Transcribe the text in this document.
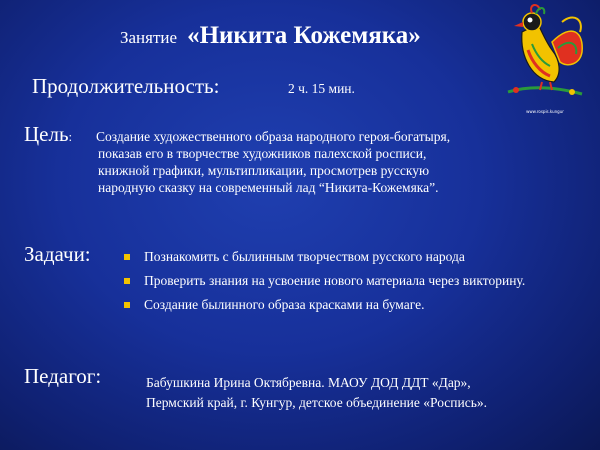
Занятие «Никита Кожемяка»
www.rospis.kungur
Продолжительность:	2 ч. 15 мин.
Цель: Создание художественного образа народного героя-богатыря,
показав его в творчестве художников палехской росписи,
книжной графики, мультипликации, просмотрев русскую
народную сказку на современный лад “Никита-Кожемяка”.
Задачи:	Познакомить с былинным творчеством русского народа
Проверить знания на усвоение нового материала через викторину.
Создание былинного образа красками на бумаге.
Педагог:	Бабушкина Ирина Октябревна. МАОУ ДОД ДДТ «Дар»,
Пермский край, г. Кунгур, детское объединение «Роспись».
